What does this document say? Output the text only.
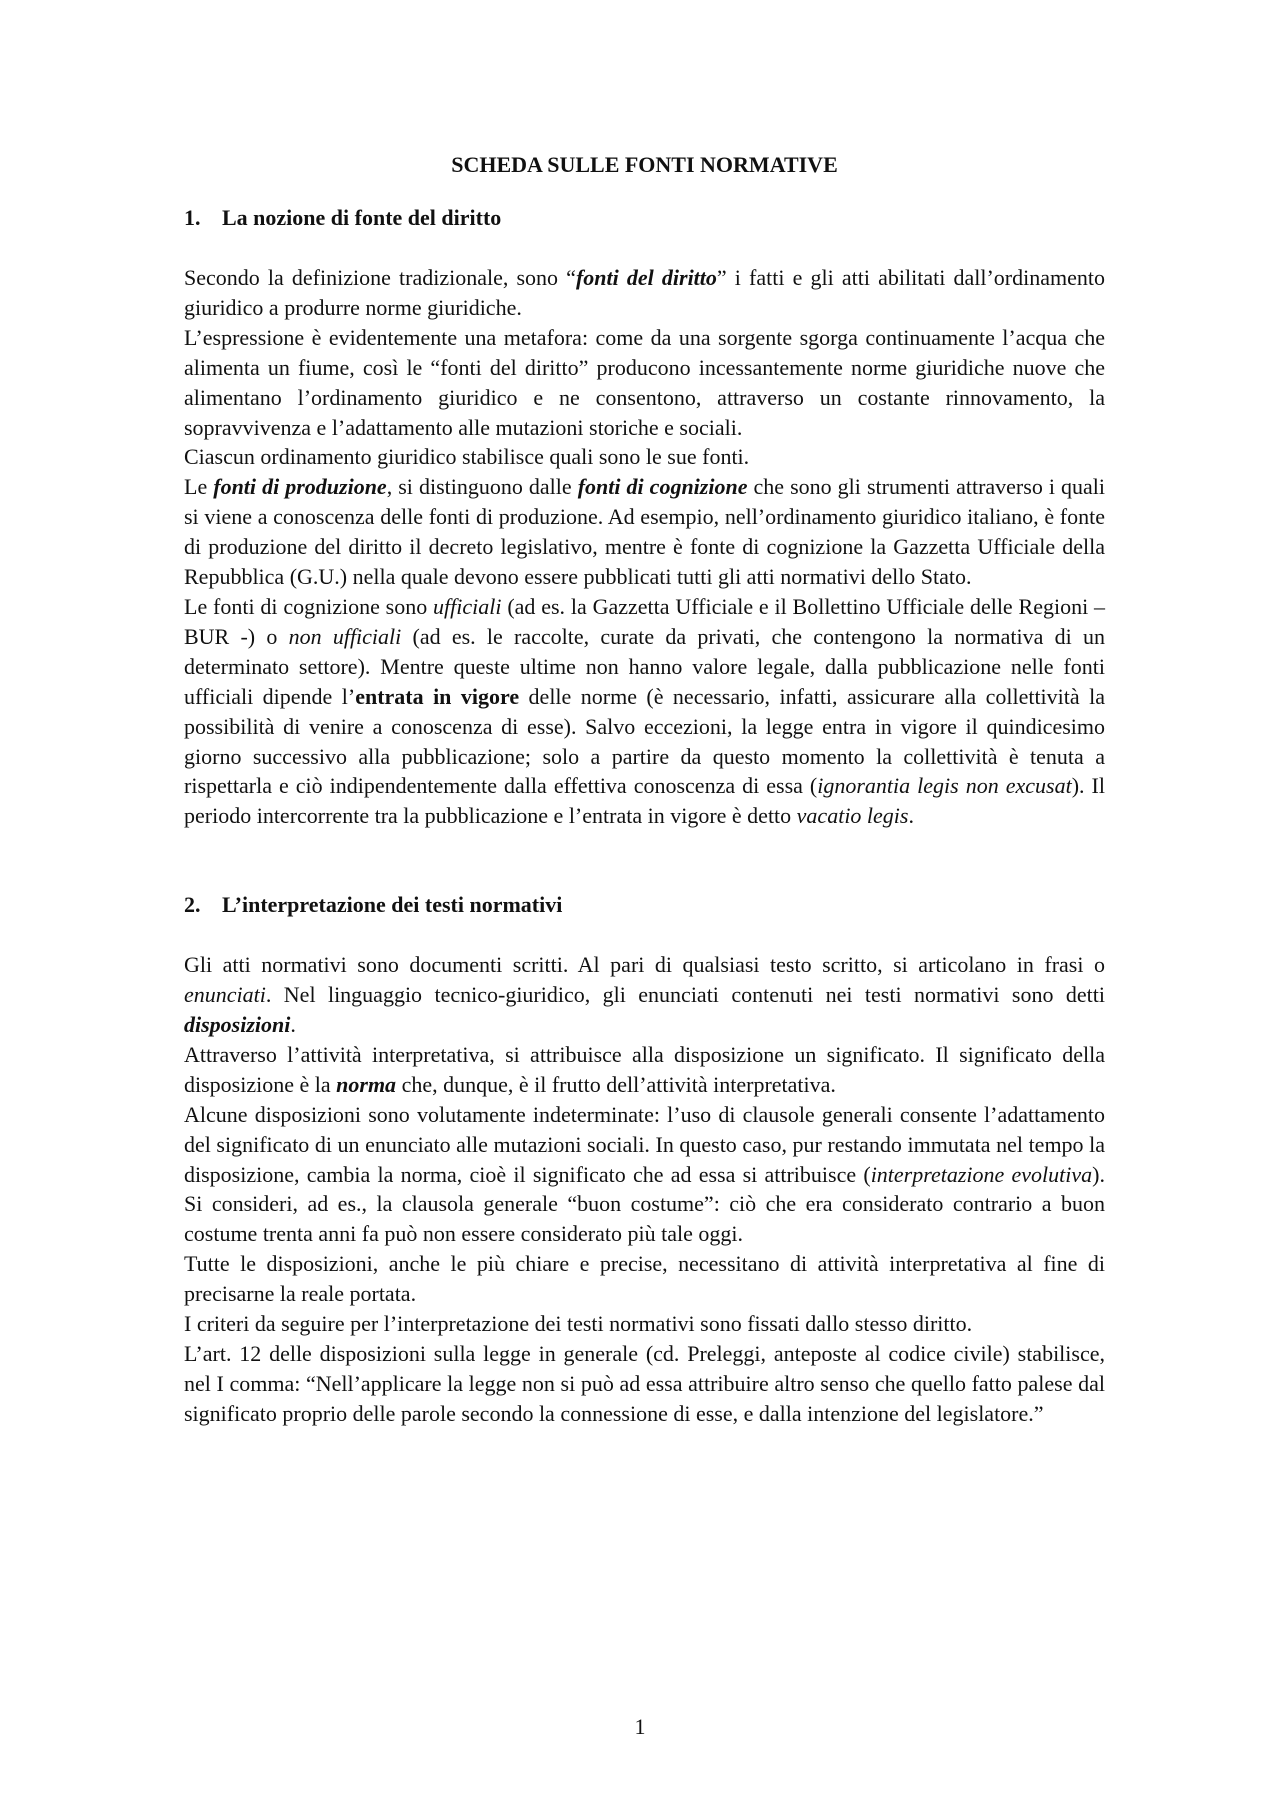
SCHEDA SULLE FONTI NORMATIVE
1. La nozione di fonte del diritto

Secondo la definizione tradizionale, sono “fonti del diritto” i fatti e gli atti abilitati dall’ordinamento giuridico a produrre norme giuridiche.

L’espressione è evidentemente una metafora: come da una sorgente sgorga continuamente l’acqua che alimenta un fiume, così le “fonti del diritto” producono incessantemente norme giuridiche nuove che alimentano l’ordinamento giuridico e ne consentono, attraverso un costante rinnovamento, la sopravvivenza e l’adattamento alle mutazioni storiche e sociali.

Ciascun ordinamento giuridico stabilisce quali sono le sue fonti.

Le fonti di produzione, si distinguono dalle fonti di cognizione che sono gli strumenti attraverso i quali si viene a conoscenza delle fonti di produzione. Ad esempio, nell’ordinamento giuridico italiano, è fonte di produzione del diritto il decreto legislativo, mentre è fonte di cognizione la Gazzetta Ufficiale della Repubblica (G.U.) nella quale devono essere pubblicati tutti gli atti normativi dello Stato.

Le fonti di cognizione sono ufficiali (ad es. la Gazzetta Ufficiale e il Bollettino Ufficiale delle Regioni – BUR -) o non ufficiali (ad es. le raccolte, curate da privati, che contengono la normativa di un determinato settore). Mentre queste ultime non hanno valore legale, dalla pubblicazione nelle fonti ufficiali dipende l’entrata in vigore delle norme (è necessario, infatti, assicurare alla collettività la possibilità di venire a conoscenza di esse). Salvo eccezioni, la legge entra in vigore il quindicesimo giorno successivo alla pubblicazione; solo a partire da questo momento la collettività è tenuta a rispettarla e ciò indipendentemente dalla effettiva conoscenza di essa (ignorantia legis non excusat). Il periodo intercorrente tra la pubblicazione e l’entrata in vigore è detto vacatio legis.

2. L’interpretazione dei testi normativi

Gli atti normativi sono documenti scritti. Al pari di qualsiasi testo scritto, si articolano in frasi o enunciati. Nel linguaggio tecnico-giuridico, gli enunciati contenuti nei testi normativi sono detti disposizioni.

Attraverso l’attività interpretativa, si attribuisce alla disposizione un significato. Il significato della disposizione è la norma che, dunque, è il frutto dell’attività interpretativa.

Alcune disposizioni sono volutamente indeterminate: l’uso di clausole generali consente l’adattamento del significato di un enunciato alle mutazioni sociali. In questo caso, pur restando immutata nel tempo la disposizione, cambia la norma, cioè il significato che ad essa si attribuisce (interpretazione evolutiva). Si consideri, ad es., la clausola generale “buon costume”: ciò che era considerato contrario a buon costume trenta anni fa può non essere considerato più tale oggi.

Tutte le disposizioni, anche le più chiare e precise, necessitano di attività interpretativa al fine di precisarne la reale portata.

I criteri da seguire per l’interpretazione dei testi normativi sono fissati dallo stesso diritto.

L’art. 12 delle disposizioni sulla legge in generale (cd. Preleggi, anteposte al codice civile) stabilisce, nel I comma: “Nell’applicare la legge non si può ad essa attribuire altro senso che quello fatto palese dal significato proprio delle parole secondo la connessione di esse, e dalla intenzione del legislatore.”

1
